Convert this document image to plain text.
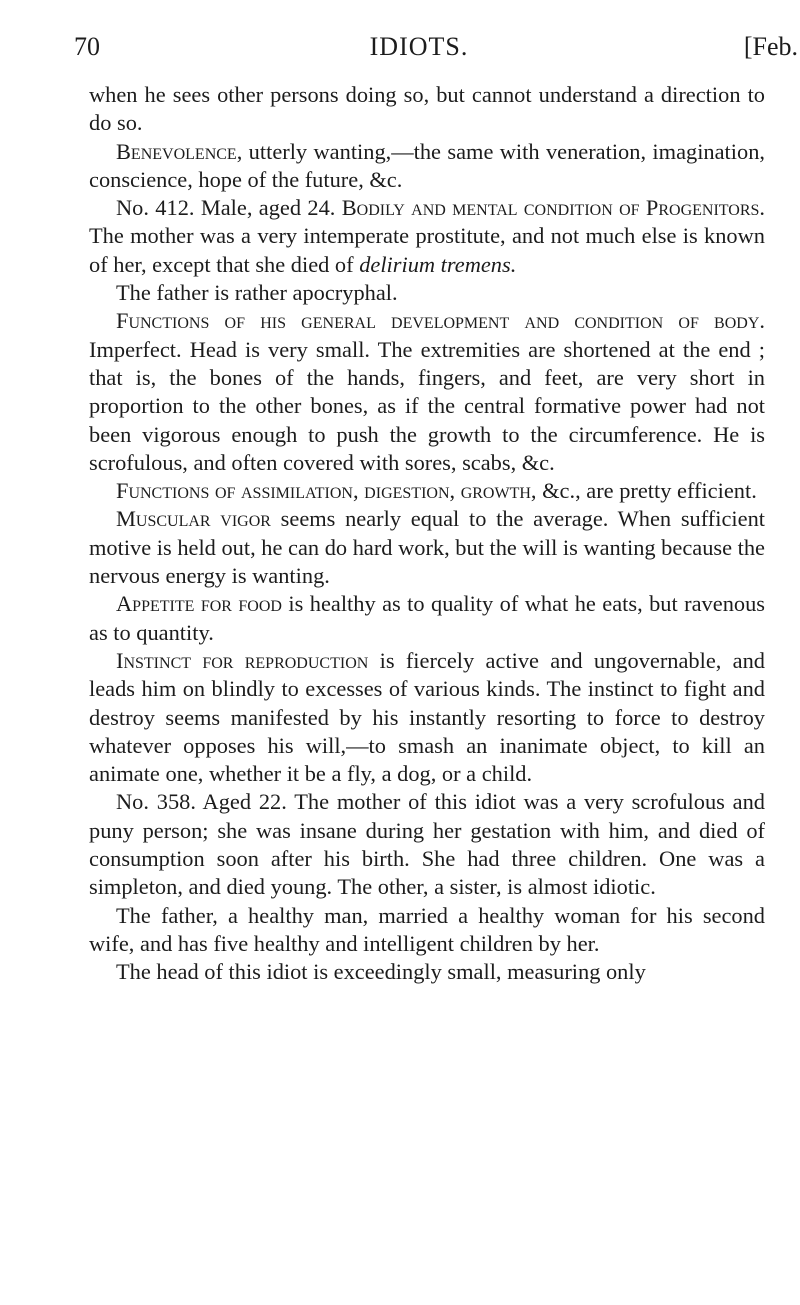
70	IDIOTS.	[Feb.

when he sees other persons doing so, but cannot understand a direction to do so.

Benevolence, utterly wanting,—the same with veneration, imagination, conscience, hope of the future, &c.

No. 412. Male, aged 24. Bodily and mental condition of Progenitors. The mother was a very intemperate prostitute, and not much else is known of her, except that she died of delirium tremens.

The father is rather apocryphal.

Functions of his general development and condition of body. Imperfect. Head is very small. The extremities are shortened at the end ; that is, the bones of the hands, fingers, and feet, are very short in proportion to the other bones, as if the central formative power had not been vigorous enough to push the growth to the circumference. He is scrofulous, and often covered with sores, scabs, &c.

Functions of assimilation, digestion, growth, &c., are pretty efficient.

Muscular vigor seems nearly equal to the average. When sufficient motive is held out, he can do hard work, but the will is wanting because the nervous energy is wanting.

Appetite for food is healthy as to quality of what he eats, but ravenous as to quantity.

Instinct for reproduction is fiercely active and ungovernable, and leads him on blindly to excesses of various kinds. The instinct to fight and destroy seems manifested by his instantly resorting to force to destroy whatever opposes his will,—to smash an inanimate object, to kill an animate one, whether it be a fly, a dog, or a child.

No. 358. Aged 22. The mother of this idiot was a very scrofulous and puny person; she was insane during her gestation with him, and died of consumption soon after his birth. She had three children. One was a simpleton, and died young. The other, a sister, is almost idiotic.

The father, a healthy man, married a healthy woman for his second wife, and has five healthy and intelligent children by her.

The head of this idiot is exceedingly small, measuring only
